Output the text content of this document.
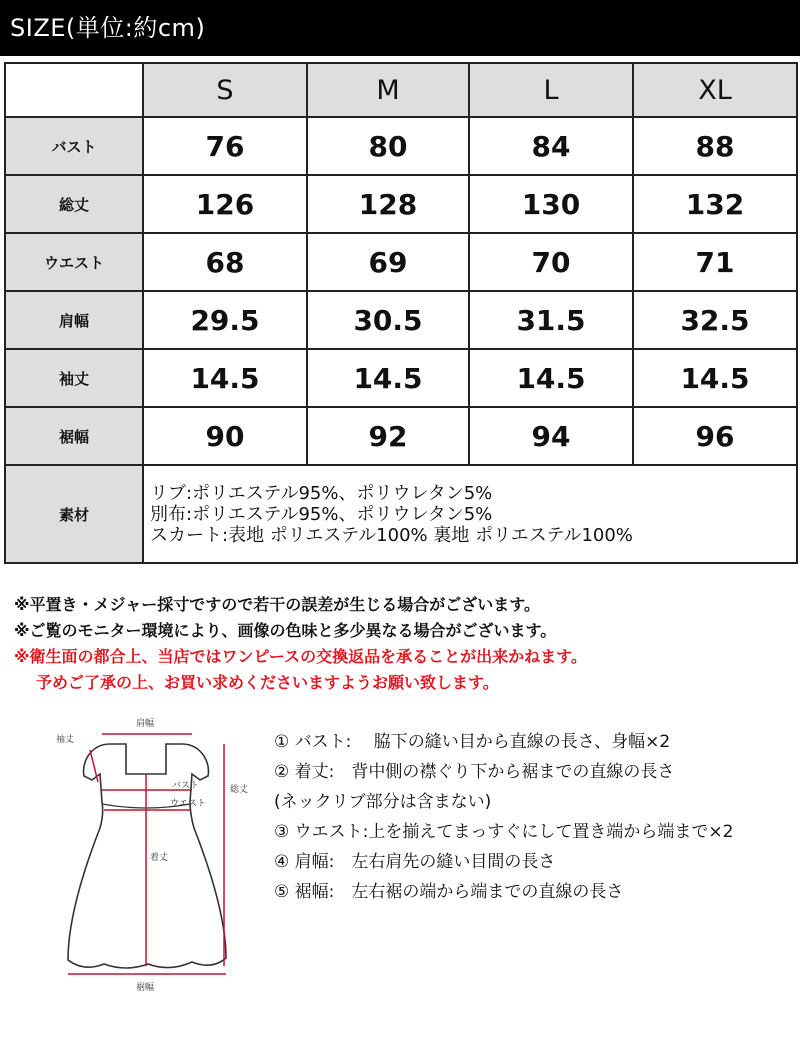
SIZE(単位:約cm)
	S	M	L	XL
バスト	76	80	84	88
総丈	126	128	130	132
ウエスト	68	69	70	71
肩幅	29.5	30.5	31.5	32.5
袖丈	14.5	14.5	14.5	14.5
裾幅	90	92	94	96
素材	リブ:ポリエステル95%、ポリウレタン5%
別布:ポリエステル95%、ポリウレタン5%
スカート:表地 ポリエステル100% 裏地 ポリエステル100%			
※平置き・メジャー採寸ですので若干の誤差が生じる場合がございます。
※ご覧のモニター環境により、画像の色味と多少異なる場合がございます。
※衛生面の都合上、当店ではワンピースの交換返品を承ることが出来かねます。
予めご了承の上、お買い求めくださいますようお願い致します。
肩幅
袖丈
総丈
バスト
ウエスト
着丈
裾幅
① バスト:　 脇下の縫い目から直線の長さ、身幅×2
② 着丈:　背中側の襟ぐり下から裾までの直線の長さ
(ネックリブ部分は含まない)
③ ウエスト:上を揃えてまっすぐにして置き端から端まで×2
④ 肩幅:　左右肩先の縫い目間の長さ
⑤ 裾幅:　左右裾の端から端までの直線の長さ
